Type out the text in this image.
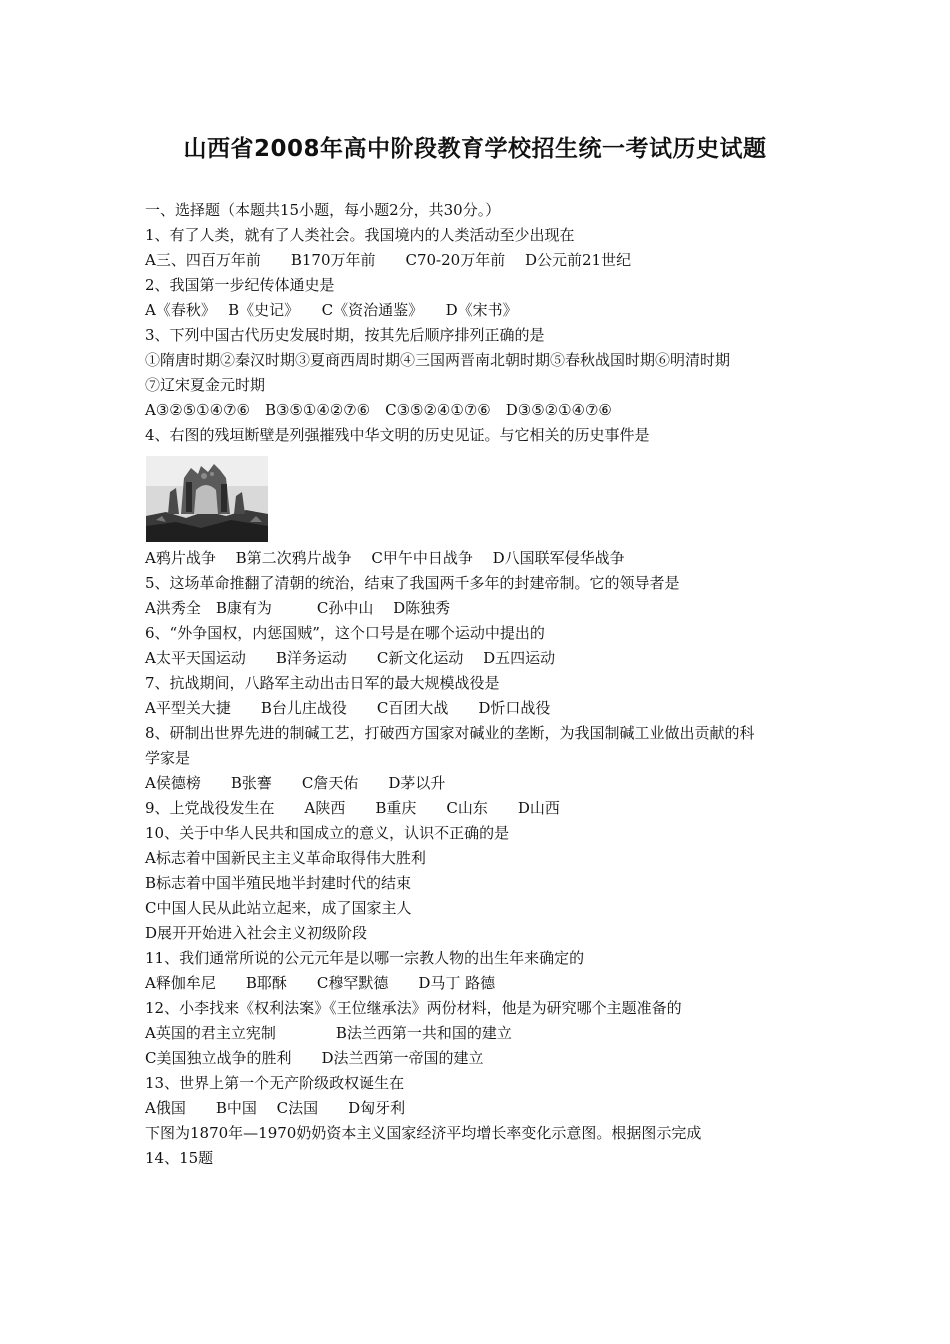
山西省2008年高中阶段教育学校招生统一考试历史试题
一、选择题（本题共15小题，每小题2分，共30分。）
1、有了人类，就有了人类社会。我国境内的人类活动至少出现在
A三、四百万年前　　B170万年前　　C70-20万年前　 D公元前21世纪
2、我国第一步纪传体通史是
A《春秋》　 B《史记》　　C《资治通鉴》　　D《宋书》
3、下列中国古代历史发展时期，按其先后顺序排列正确的是
①隋唐时期②秦汉时期③夏商西周时期④三国两晋南北朝时期⑤春秋战国时期⑥明清时期
⑦辽宋夏金元时期
A③②⑤①④⑦⑥　B③⑤①④②⑦⑥　C③⑤②④①⑦⑥　D③⑤②①④⑦⑥
4、右图的残垣断壁是列强摧残中华文明的历史见证。与它相关的历史事件是
A鸦片战争　 B第二次鸦片战争　 C甲午中日战争　 D八国联军侵华战争
5、这场革命推翻了清朝的统治，结束了我国两千多年的封建帝制。它的领导者是
A洪秀全　B康有为　　　C孙中山　 D陈独秀
6、“外争国权，内惩国贼”，这个口号是在哪个运动中提出的
A太平天国运动　　B洋务运动　　C新文化运动　 D五四运动
7、抗战期间，八路军主动出击日军的最大规模战役是
A平型关大捷　　B台儿庄战役　　C百团大战　　D忻口战役
8、研制出世界先进的制碱工艺，打破西方国家对碱业的垄断，为我国制碱工业做出贡献的科
学家是
A侯德榜　　B张謇　　C詹天佑　　D茅以升
9、上党战役发生在　　A陕西　　B重庆　　C山东　　D山西
10、关于中华人民共和国成立的意义，认识不正确的是
A标志着中国新民主主义革命取得伟大胜利
B标志着中国半殖民地半封建时代的结束
C中国人民从此站立起来，成了国家主人
D展开开始进入社会主义初级阶段
11、我们通常所说的公元元年是以哪一宗教人物的出生年来确定的
A释伽牟尼　　B耶酥　　C穆罕默德　　D马丁 路德
12、小李找来《权利法案》《王位继承法》两份材料，他是为研究哪个主题准备的
A英国的君主立宪制　　　　B法兰西第一共和国的建立
C美国独立战争的胜利　　D法兰西第一帝国的建立
13、世界上第一个无产阶级政权诞生在
A俄国　　B中国　 C法国　　D匈牙利
下图为1870年—1970奶奶资本主义国家经济平均增长率变化示意图。根据图示完成
14、15题
